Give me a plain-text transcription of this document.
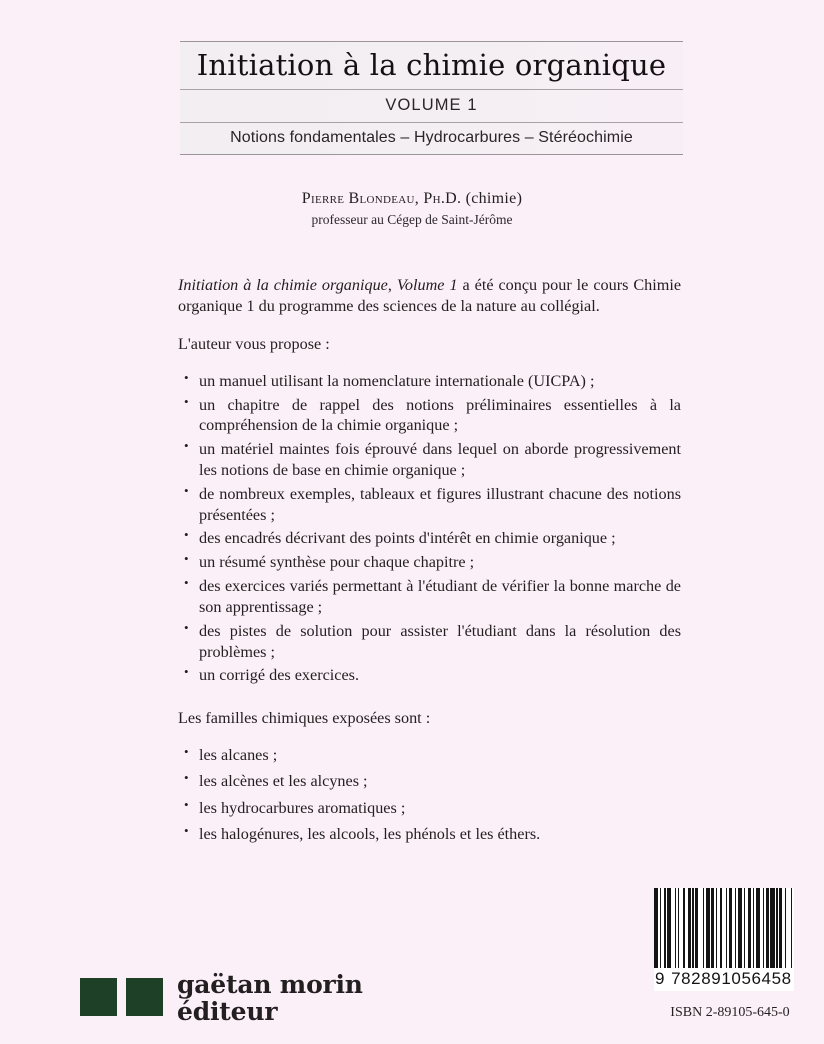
Initiation à la chimie organique
VOLUME 1
Notions fondamentales – Hydrocarbures – Stéréochimie
Pierre Blondeau, Ph.D. (chimie)
professeur au Cégep de Saint-Jérôme

Initiation à la chimie organique, Volume 1 a été conçu pour le cours Chimie organique 1 du programme des sciences de la nature au collégial.

L'auteur vous propose :

• un manuel utilisant la nomenclature internationale (UICPA) ;
• un chapitre de rappel des notions préliminaires essentielles à la compréhension de la chimie organique ;
• un matériel maintes fois éprouvé dans lequel on aborde progressivement les notions de base en chimie organique ;
• de nombreux exemples, tableaux et figures illustrant chacune des notions présentées ;
• des encadrés décrivant des points d'intérêt en chimie organique ;
• un résumé synthèse pour chaque chapitre ;
• des exercices variés permettant à l'étudiant de vérifier la bonne marche de son apprentissage ;
• des pistes de solution pour assister l'étudiant dans la résolution des problèmes ;
• un corrigé des exercices.

Les familles chimiques exposées sont :

• les alcanes ;
• les alcènes et les alcynes ;
• les hydrocarbures aromatiques ;
• les halogénures, les alcools, les phénols et les éthers.
gaëtan morin
éditeur
9 782891 056458
ISBN 2-89105-645-0
